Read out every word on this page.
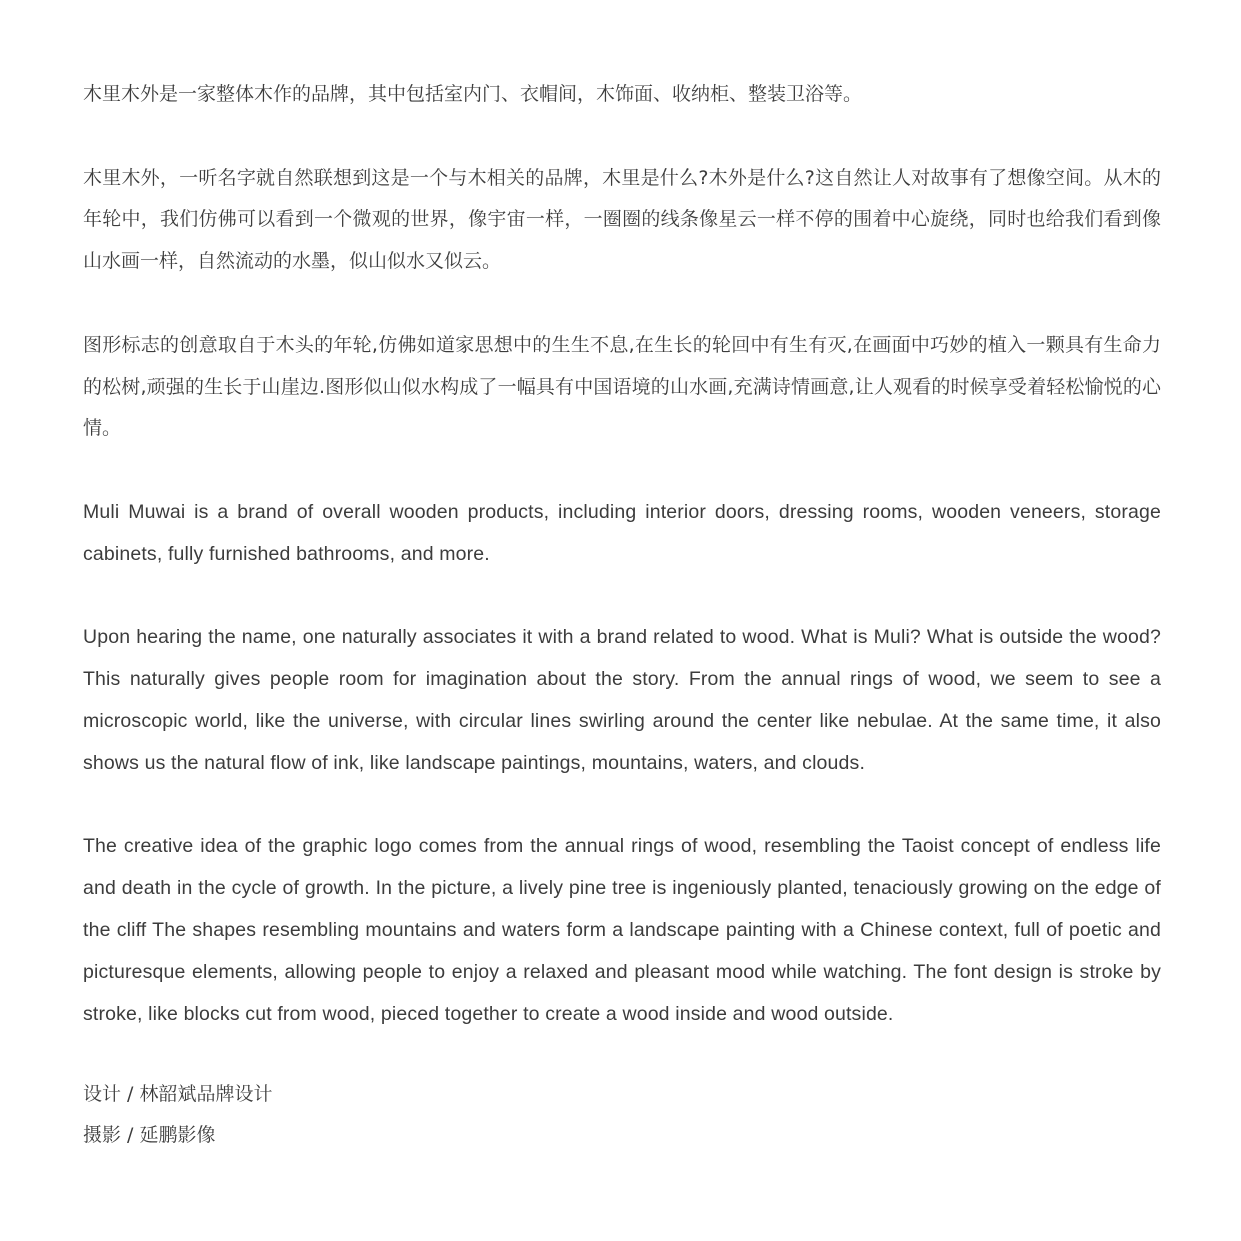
木里木外是一家整体木作的品牌，其中包括室内门、衣帽间，木饰面、收纳柜、整装卫浴等。

木里木外，一听名字就自然联想到这是一个与木相关的品牌，木里是什么?木外是什么?这自然让人对故事有了想像空间。从木的年轮中，我们仿佛可以看到一个微观的世界，像宇宙一样，一圈圈的线条像星云一样不停的围着中心旋绕，同时也给我们看到像山水画一样，自然流动的水墨，似山似水又似云。

图形标志的创意取自于木头的年轮,仿佛如道家思想中的生生不息,在生长的轮回中有生有灭,在画面中巧妙的植入一颗具有生命力的松树,顽强的生长于山崖边.图形似山似水构成了一幅具有中国语境的山水画,充满诗情画意,让人观看的时候享受着轻松愉悦的心情。

Muli Muwai is a brand of overall wooden products, including interior doors, dressing rooms, wooden veneers, storage cabinets, fully furnished bathrooms, and more.

Upon hearing the name, one naturally associates it with a brand related to wood. What is Muli? What is outside the wood? This naturally gives people room for imagination about the story. From the annual rings of wood, we seem to see a microscopic world, like the universe, with circular lines swirling around the center like nebulae. At the same time, it also shows us the natural flow of ink, like landscape paintings, mountains, waters, and clouds.

The creative idea of the graphic logo comes from the annual rings of wood, resembling the Taoist concept of endless life and death in the cycle of growth. In the picture, a lively pine tree is ingeniously planted, tenaciously growing on the edge of the cliff The shapes resembling mountains and waters form a landscape painting with a Chinese context, full of poetic and picturesque elements, allowing people to enjoy a relaxed and pleasant mood while watching. The font design is stroke by stroke, like blocks cut from wood, pieced together to create a wood inside and wood outside.

设计 / 林韶斌品牌设计
摄影 / 延鹏影像
